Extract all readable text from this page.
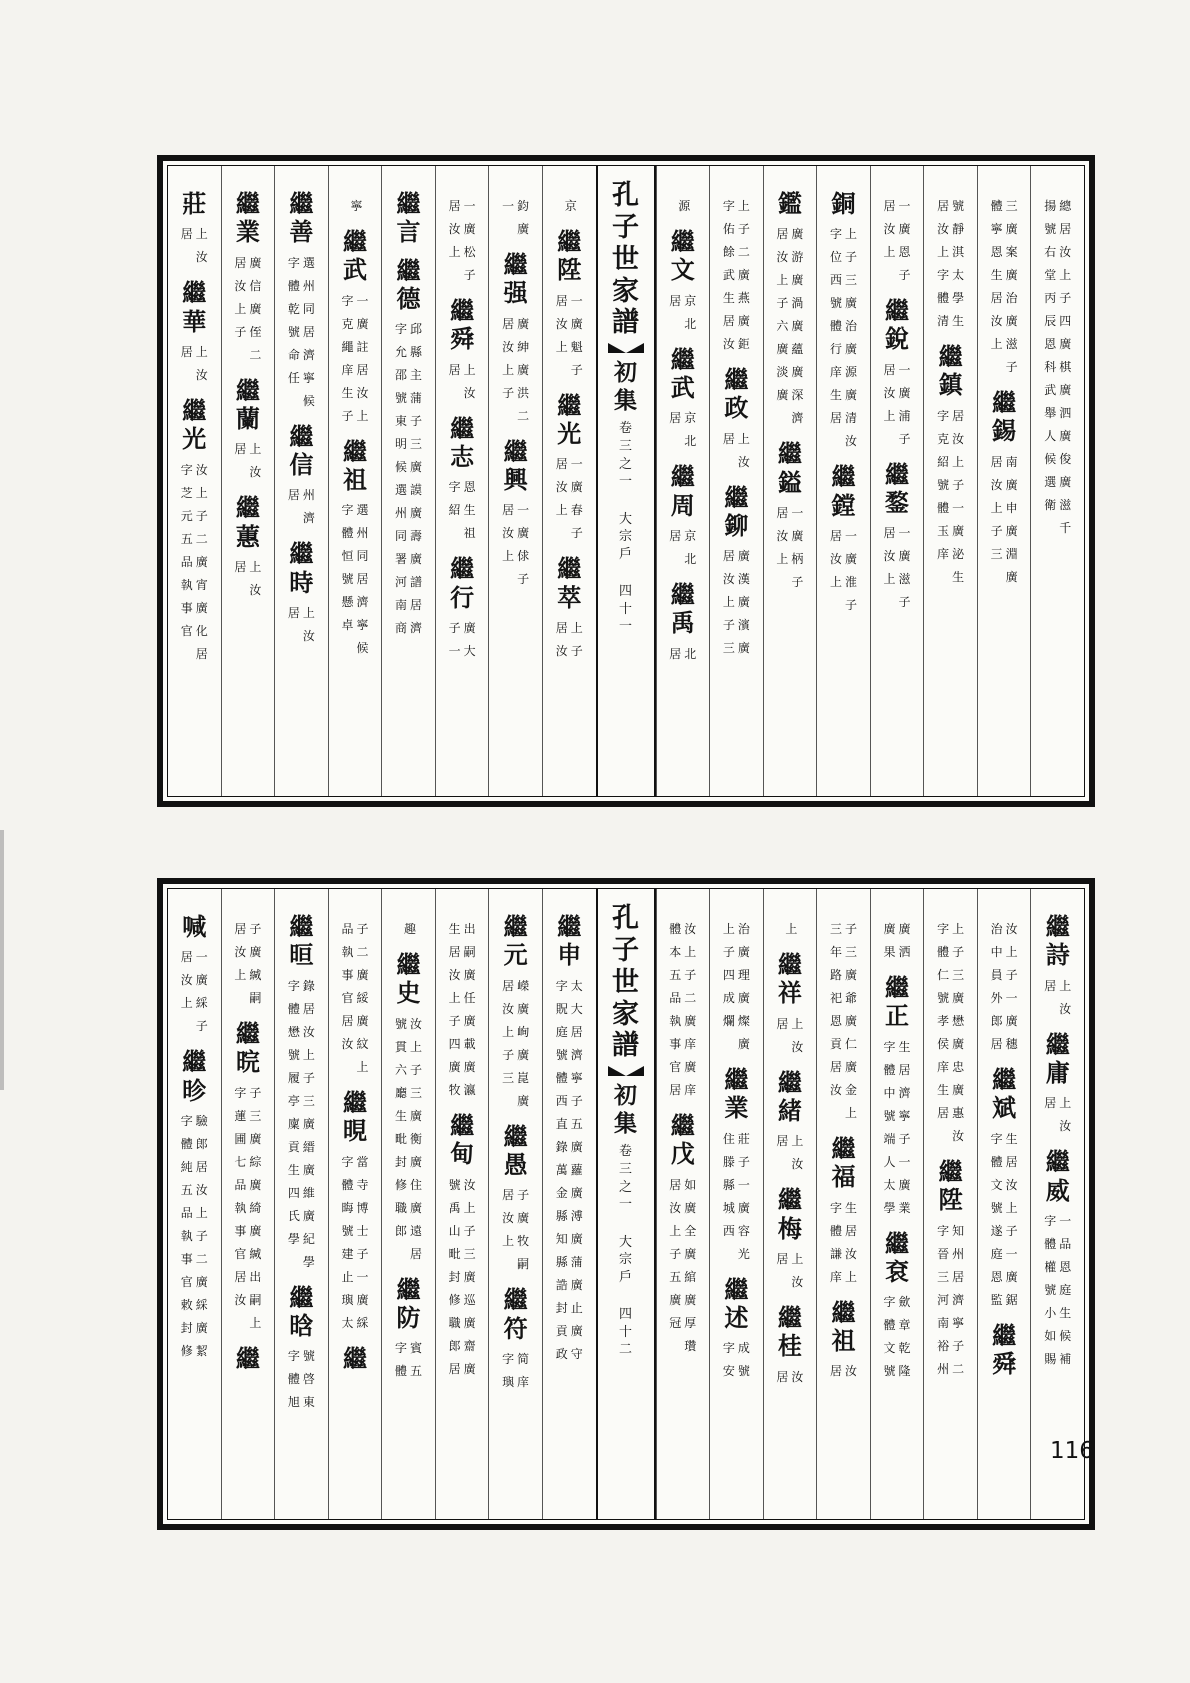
總
居
汝
上
子
四
廣
棋
廣
泗
廣
俊
廣
滋
千
揚
號
右
堂
丙
辰
恩
科
武
舉
人
候
選
衛
三
廣
案
廣
治
廣
滋
子
體
寧
恩
生
居
汝
上
繼
錫
南
廣
申
廣
淵
廣
居
汝
上
子
三
號
靜
淇
太
學
生
居
汝
上
字
體
清
繼
鎮
居
汝
上
子
一
廣
泌
生
字
克
紹
號
體
玉
庠
一
廣
恩
子
居
汝
上
繼
銳
一
廣
浦
子
居
汝
上
繼
鍪
一
廣
滋
子
居
汝
上
銅
上
子
三
廣
治
廣
源
廣
清
汝
字
位
西
號
體
行
庠
生
居
繼
鏜
一
廣
淮
子
居
汝
上
鑑
廣
游
廣
渦
廣
蘊
廣
深
濟
居
汝
上
子
六
廣
淡
廣
繼
鎰
一
廣
柄
子
居
汝
上
上
子
二
廣
燕
廣
鉅
字
佑
餘
武
生
居
汝
繼
政
上
汝
居
繼
鉚
廣
漢
廣
濱
廣
居
汝
上
子
三
源
繼
文
京
北
居
繼
武
京
北
居
繼
周
京
北
居
繼
禹
北
居
孔
子
世
家
譜
初
集
卷
三
之
一
大
宗
戶
四
十
一
京
繼
陞
一
廣
魁
子
居
汝
上
繼
光
一
廣
春
子
居
汝
上
繼
萃
上
子
居
汝
鈞
廣
一
繼
强
廣
紳
廣
洪
二
居
汝
上
子
繼
興
一
廣
俅
子
居
汝
上
一
廣
松
子
居
汝
上
繼
舜
上
汝
居
繼
志
恩
生
祖
字
紹
繼
行
廣
大
子
一
繼
言
繼
德
邱
縣
主
蒲
子
三
廣
謨
廣
壽
廣
譜
居
濟
字
允
邵
號
東
明
候
選
州
同
署
河
南
商
寧
繼
武
一
廣
註
居
汝
上
字
克
繩
庠
生
子
繼
祖
選
州
同
居
濟
寧
候
字
體
恒
號
懸
卓
繼
善
選
州
同
居
濟
寧
候
字
體
乾
號
命
任
繼
信
州
濟
居
繼
時
上
汝
居
繼
業
廣
信
廣
侄
二
居
汝
上
子
繼
蘭
上
汝
居
繼
蕙
上
汝
居
莊
上
汝
居
繼
華
上
汝
居
繼
光
汝
上
子
二
廣
宵
廣
化
居
字
芝
元
五
品
執
事
官
繼
詩
上
汝
居
繼
庸
上
汝
居
繼
威
一
品
恩
庭
生
候
補
字
體
權
號
小
如
賜
汝
上
子
一
廣
穗
治
中
員
外
郎
居
繼
斌
生
居
汝
上
子
一
廣
鋸
字
體
文
號
遂
庭
恩
監
繼
舜
上
子
三
廣
懋
廣
忠
廣
惠
汝
字
體
仁
號
孝
侯
庠
生
居
繼
陞
知
州
居
濟
寧
子
二
字
晉
三
河
南
裕
州
廣
洒
廣
果
繼
正
生
居
濟
寧
子
一
廣
業
字
體
中
號
端
人
太
學
繼
袞
歛
章
乾
隆
字
體
文
號
子
三
廣
爺
廣
仁
廣
金
上
三
年
路
祀
恩
貢
居
汝
繼
福
生
居
汝
上
字
體
謙
庠
繼
祖
汝
居
上
繼
祥
上
汝
居
繼
緒
上
汝
居
繼
梅
上
汝
居
繼
桂
汝
居
治
廣
理
廣
燦
廣
上
子
四
成
爛
繼
業
莊
子
一
廣
容
光
住
滕
縣
城
西
繼
述
成
號
字
安
汝
上
子
二
廣
庠
廣
庠
體
本
五
品
執
事
官
居
繼
戊
如
廣
全
廣
綰
廣
厚
瓚
居
汝
上
子
五
廣
冠
孔
子
世
家
譜
初
集
卷
三
之
一
大
宗
戶
四
十
二
繼
申
太
大
居
濟
寧
子
五
廣
蘿
廣
溥
廣
蒲
廣
止
廣
守
字
貺
庭
號
體
西
直
錄
萬
金
縣
知
縣
誥
封
貢
政
繼
元
嶸
廣
峋
廣
崑
廣
居
汝
上
子
三
繼
愚
子
廣
牧
嗣
居
汝
上
繼
符
简
庠
字
璵
出
嗣
廣
任
廣
載
廣
瀛
生
居
汝
上
子
四
廣
牧
繼
甸
汝
上
子
三
廣
巡
廣
齋
廣
號
禹
山
毗
封
修
職
郎
居
趣
繼
史
汝
上
子
三
廣
衡
廣
住
廣
遠
居
號
貫
六
廳
生
毗
封
修
職
郎
繼
防
賓
五
字
體
子
二
廣
綏
廣
紋
上
品
執
事
官
居
汝
繼
晛
當
寺
博
士
子
一
廣
綵
字
體
晦
號
建
止
璵
太
繼
繼
晅
錄
居
汝
上
子
三
廣
縉
廣
維
廣
紀
學
字
體
懋
號
履
亭
廩
貢
生
四
氏
學
繼
晗
號
啓
東
字
體
旭
子
廣
緘
嗣
居
汝
上
繼
晥
子
三
廣
綜
廣
綺
廣
緘
出
嗣
上
字
蓮
圃
七
品
執
事
官
居
汝
繼
喊
一
廣
綵
子
居
汝
上
繼
昣
驗
郎
居
汝
上
子
二
廣
綵
廣
絜
字
體
純
五
品
執
事
官
敕
封
修
116
